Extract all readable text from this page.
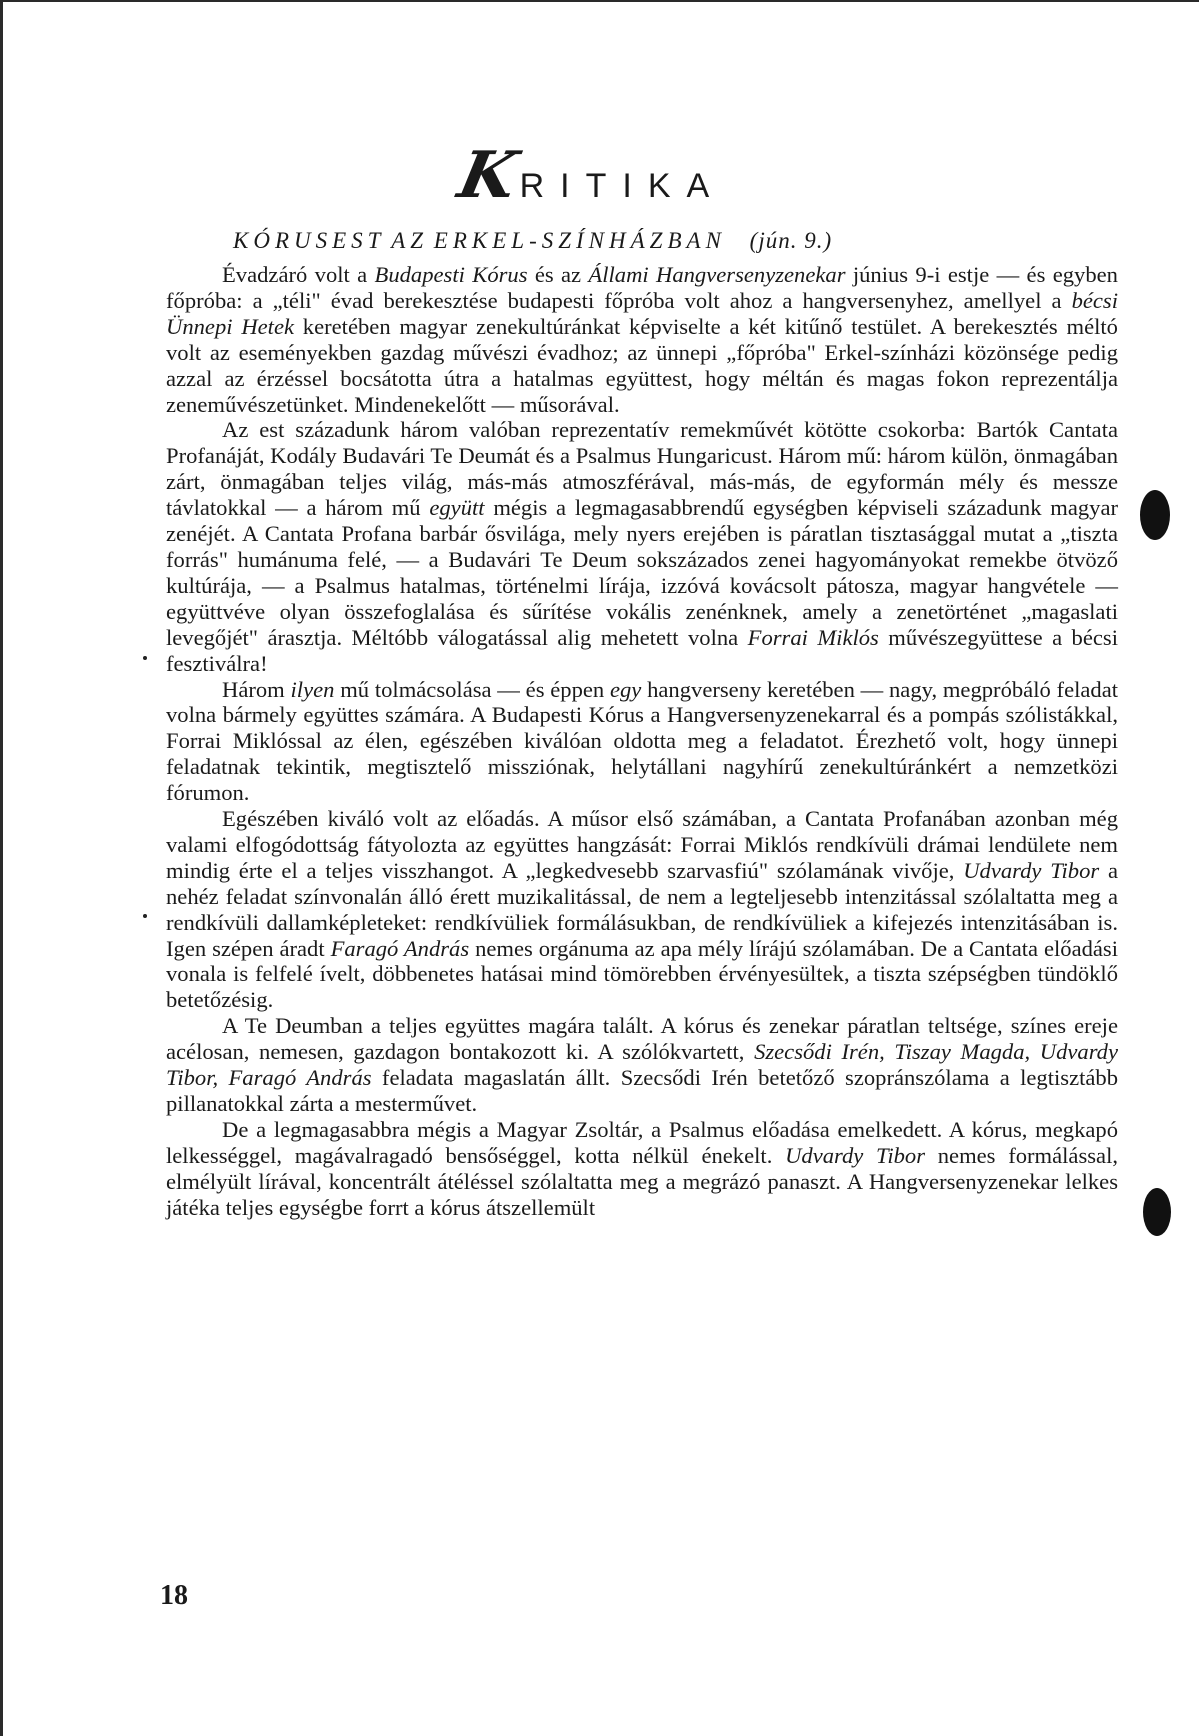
K
RITIKA
KÓRUSEST AZ ERKEL-SZÍNHÁZBAN (jún. 9.)

Évadzáró volt a Budapesti Kórus és az Állami Hangversenyzenekar június 9-i estje — és egyben főpróba: a „téli" évad berekesztése budapesti főpróba volt ahoz a hangversenyhez, amellyel a bécsi Ünnepi Hetek keretében magyar zenekultúránkat képviselte a két kitűnő testület. A berekesztés méltó volt az eseményekben gazdag művészi évadhoz; az ünnepi „főpróba" Erkel-színházi közönsége pedig azzal az érzéssel bocsátotta útra a hatalmas együttest, hogy méltán és magas fokon reprezentálja zeneművészetünket. Mindenekelőtt — műsorával.

Az est századunk három valóban reprezentatív remekművét kötötte csokorba: Bartók Cantata Profanáját, Kodály Budavári Te Deumát és a Psalmus Hungaricust. Három mű: három külön, önmagában zárt, önmagában teljes világ, más-más atmoszférával, más-más, de egyformán mély és messze távlatokkal — a három mű együtt mégis a legmagasabbrendű egységben képviseli századunk magyar zenéjét. A Cantata Profana barbár ősvilága, mely nyers erejében is páratlan tisztasággal mutat a „tiszta forrás" humánuma felé, — a Budavári Te Deum sokszázados zenei hagyományokat remekbe ötvöző kultúrája, — a Psalmus hatalmas, történelmi lírája, izzóvá kovácsolt pátosza, magyar hangvétele — együttvéve olyan összefoglalása és sűrítése vokális zenénknek, amely a zenetörténet „magaslati levegőjét" árasztja. Méltóbb válogatással alig mehetett volna Forrai Miklós művészegyüttese a bécsi fesztiválra!

Három ilyen mű tolmácsolása — és éppen egy hangverseny keretében — nagy, megpróbáló feladat volna bármely együttes számára. A Budapesti Kórus a Hangversenyzenekarral és a pompás szólistákkal, Forrai Miklóssal az élen, egészében kiválóan oldotta meg a feladatot. Érezhető volt, hogy ünnepi feladatnak tekintik, megtisztelő missziónak, helytállani nagyhírű zenekultúránkért a nemzetközi fórumon.

Egészében kiváló volt az előadás. A műsor első számában, a Cantata Profanában azonban még valami elfogódottság fátyolozta az együttes hangzását: Forrai Miklós rendkívüli drámai lendülete nem mindig érte el a teljes visszhangot. A „legkedvesebb szarvasfiú" szólamának vivője, Udvardy Tibor a nehéz feladat színvonalán álló érett muzikalitással, de nem a legteljesebb intenzitással szólaltatta meg a rendkívüli dallamképleteket: rendkívüliek formálásukban, de rendkívüliek a kifejezés intenzitásában is. Igen szépen áradt Faragó András nemes orgánuma az apa mély lírájú szólamában. De a Cantata előadási vonala is felfelé ívelt, döbbenetes hatásai mind tömörebben érvényesültek, a tiszta szépségben tündöklő betetőzésig.

A Te Deumban a teljes együttes magára talált. A kórus és zenekar páratlan teltsége, színes ereje acélosan, nemesen, gazdagon bontakozott ki. A szólókvartett, Szecsődi Irén, Tiszay Magda, Udvardy Tibor, Faragó András feladata magaslatán állt. Szecsődi Irén betetőző szopránszólama a legtisztább pillanatokkal zárta a mesterművet.

De a legmagasabbra mégis a Magyar Zsoltár, a Psalmus előadása emelkedett. A kórus, megkapó lelkességgel, magávalragadó bensőséggel, kotta nélkül énekelt. Udvardy Tibor nemes formálással, elmélyült lírával, koncentrált átéléssel szólaltatta meg a megrázó panaszt. A Hangversenyzenekar lelkes játéka teljes egységbe forrt a kórus átszellemült

18
